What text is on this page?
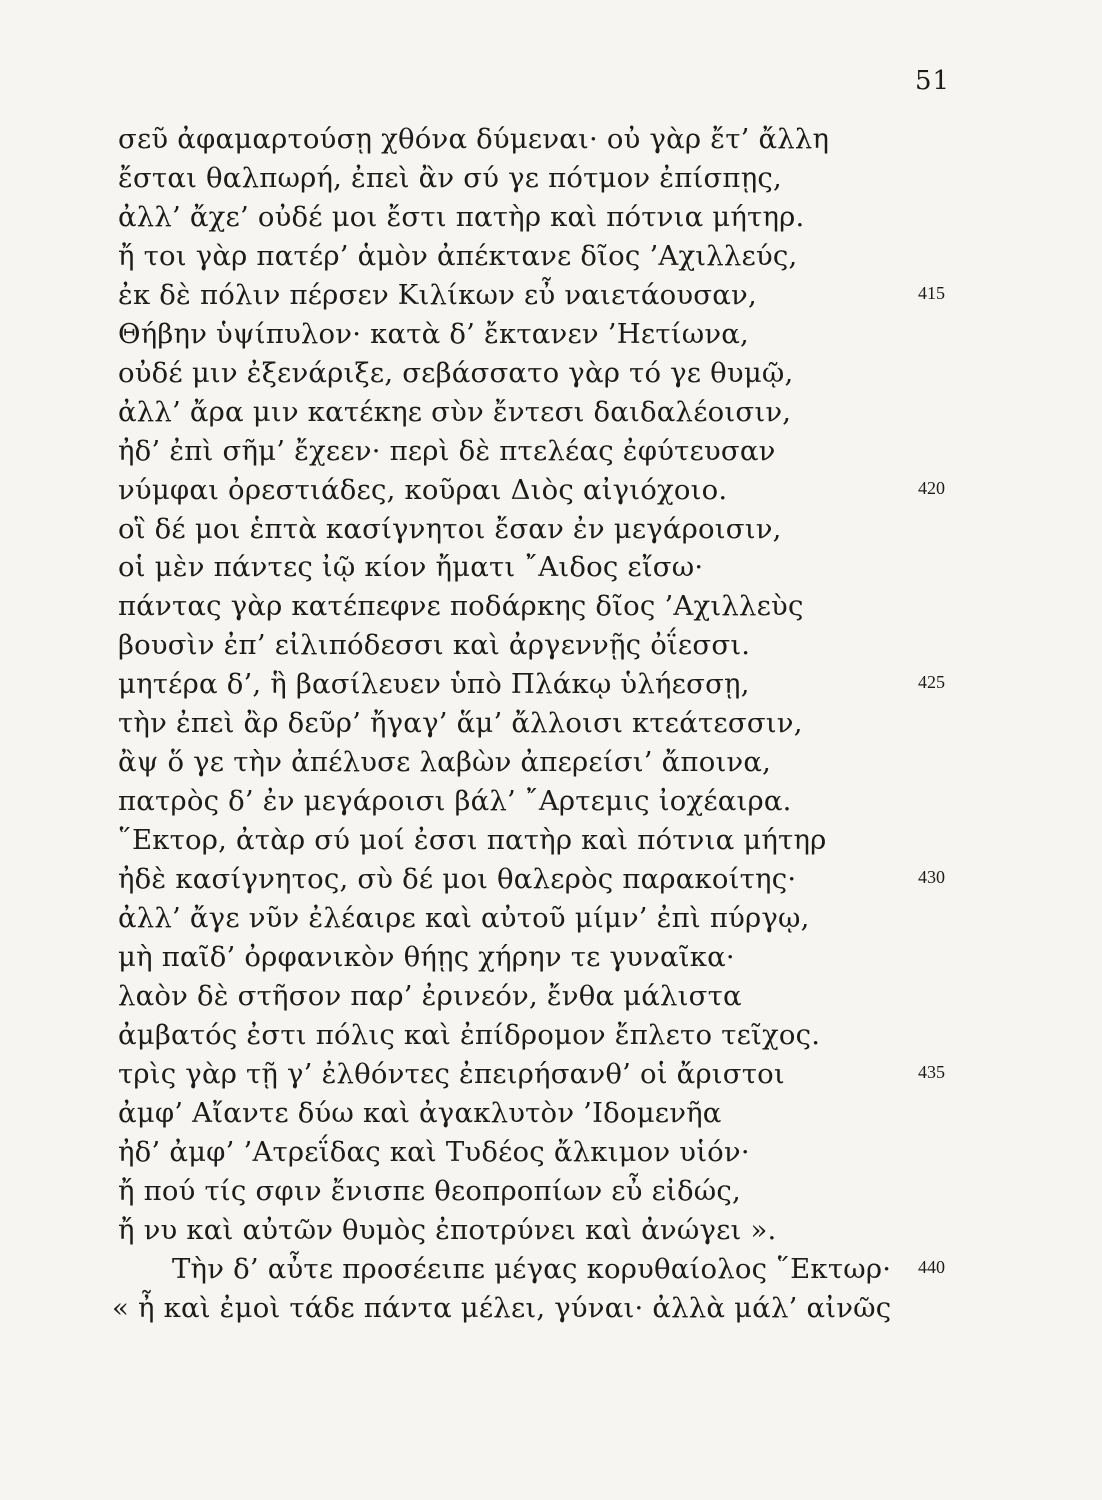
51
σεῦ ἀφαμαρτούσῃ χθόνα δύμεναι· οὐ γὰρ ἔτ’ ἄλλη
ἔσται θαλπωρή, ἐπεὶ ἂν σύ γε πότμον ἐπίσπῃς,
ἀλλ’ ἄχε’ οὐδέ μοι ἔστι πατὴρ καὶ πότνια μήτηρ.
ἤ τοι γὰρ πατέρ’ ἁμὸν ἀπέκτανε δῖος ’Αχιλλεύς,
ἐκ δὲ πόλιν πέρσεν Κιλίκων εὖ ναιετάουσαν,	415
Θήβην ὑψίπυλον· κατὰ δ’ ἔκτανεν ’Ηετίωνα,
οὐδέ μιν ἐξενάριξε, σεβάσσατο γὰρ τό γε θυμῷ,
ἀλλ’ ἄρα μιν κατέκηε σὺν ἔντεσι δαιδαλέοισιν,
ἠδ’ ἐπὶ σῆμ’ ἔχεεν· περὶ δὲ πτελέας ἐφύτευσαν
νύμφαι ὀρεστιάδες, κοῦραι Διὸς αἰγιόχοιο.	420
οἳ δέ μοι ἑπτὰ κασίγνητοι ἔσαν ἐν μεγάροισιν,
οἱ μὲν πάντες ἰῷ κίον ἤματι ῎Αιδος εἴσω·
πάντας γὰρ κατέπεφνε ποδάρκης δῖος ’Αχιλλεὺς
βουσὶν ἐπ’ εἰλιπόδεσσι καὶ ἀργεννῇς ὀΐεσσι.
μητέρα δ’, ἣ βασίλευεν ὑπὸ Πλάκῳ ὑλήεσσῃ,	425
τὴν ἐπεὶ ἂρ δεῦρ’ ἤγαγ’ ἅμ’ ἄλλοισι κτεάτεσσιν,
ἂψ ὅ γε τὴν ἀπέλυσε λαβὼν ἀπερείσι’ ἄποινα,
πατρὸς δ’ ἐν μεγάροισι βάλ’ ῎Αρτεμις ἰοχέαιρα.
῞Εκτορ, ἀτὰρ σύ μοί ἐσσι πατὴρ καὶ πότνια μήτηρ
ἠδὲ κασίγνητος, σὺ δέ μοι θαλερὸς παρακοίτης·	430
ἀλλ’ ἄγε νῦν ἐλέαιρε καὶ αὐτοῦ μίμν’ ἐπὶ πύργῳ,
μὴ παῖδ’ ὀρφανικὸν θήῃς χήρην τε γυναῖκα·
λαὸν δὲ στῆσον παρ’ ἐρινεόν, ἔνθα μάλιστα
ἀμβατός ἐστι πόλις καὶ ἐπίδρομον ἔπλετο τεῖχος.
τρὶς γὰρ τῇ γ’ ἐλθόντες ἐπειρήσανθ’ οἱ ἄριστοι	435
ἀμφ’ Αἴαντε δύω καὶ ἀγακλυτὸν ’Ιδομενῆα
ἠδ’ ἀμφ’ ’Ατρεΐδας καὶ Τυδέος ἄλκιμον υἱόν·
ἤ πού τίς σφιν ἔνισπε θεοπροπίων εὖ εἰδώς,
ἤ νυ καὶ αὐτῶν θυμὸς ἐποτρύνει καὶ ἀνώγει ».
Τὴν δ’ αὖτε προσέειπε μέγας κορυθαίολος ῞Εκτωρ· 440
« ἦ καὶ ἐμοὶ τάδε πάντα μέλει, γύναι· ἀλλὰ μάλ’ αἰνῶς
